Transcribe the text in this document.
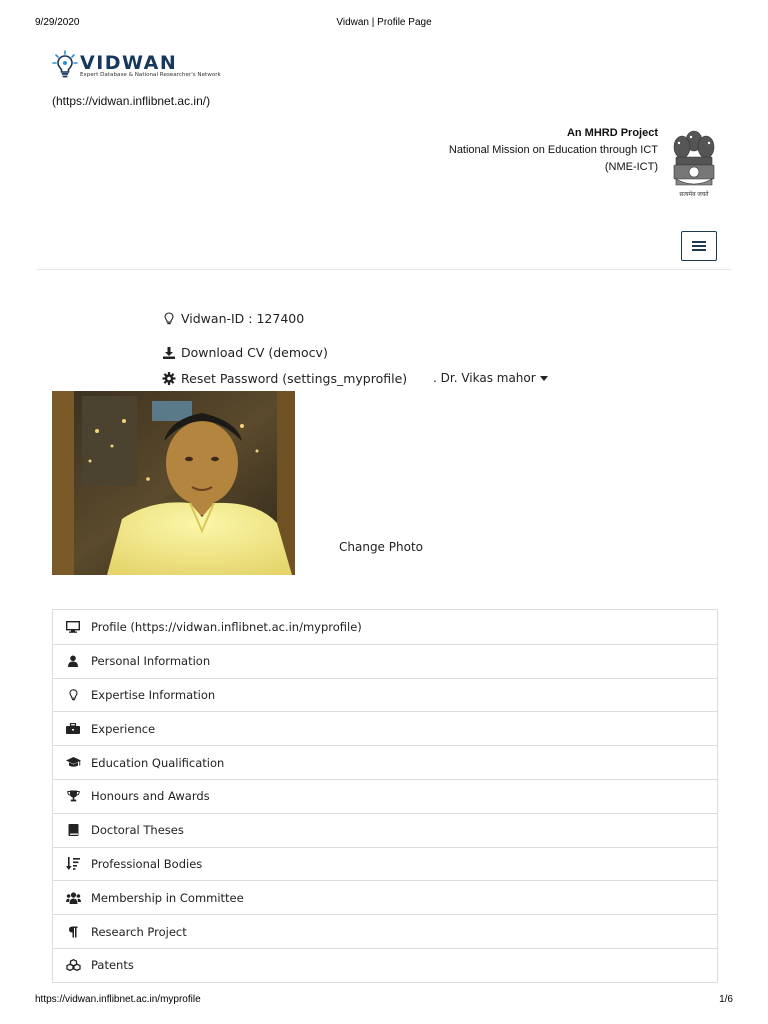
9/29/2020	Vidwan | Profile Page
VIDWAN
Expert Database & National Researcher's Network
(https://vidwan.inflibnet.ac.in/)
An MHRD Project
National Mission on Education through ICT
(NME-ICT)
सत्यमेव जयते
Vidwan-ID : 127400
Download CV (democv)
Reset Password (settings_myprofile) . Dr. Vikas mahor
Change Photo
Profile (https://vidwan.inflibnet.ac.in/myprofile)
Personal Information
Expertise Information
Experience
Education Qualification
Honours and Awards
Doctoral Theses
Professional Bodies
Membership in Committee
Research Project
Patents
https://vidwan.inflibnet.ac.in/myprofile	1/6
